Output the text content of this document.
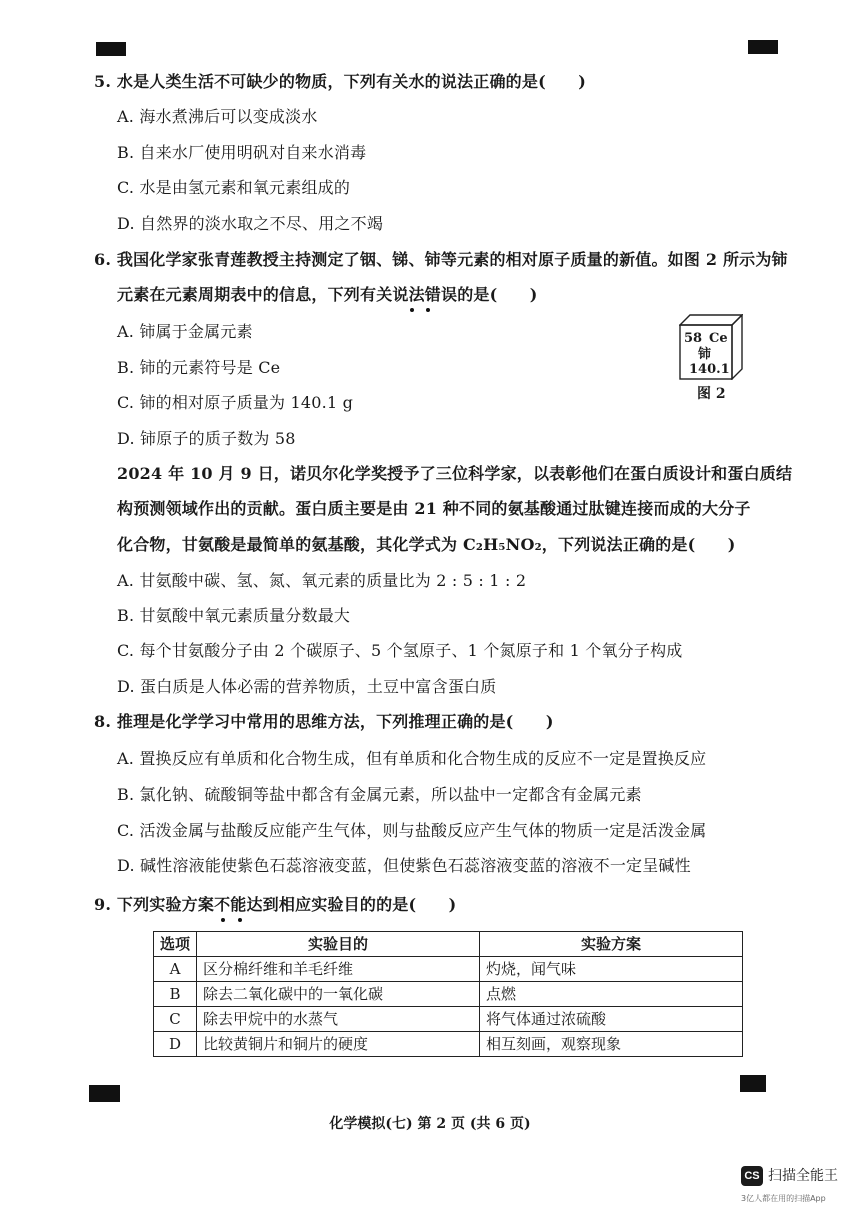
5. 水是人类生活不可缺少的物质，下列有关水的说法正确的是(　　)
A. 海水煮沸后可以变成淡水
B. 自来水厂使用明矾对自来水消毒
C. 水是由氢元素和氧元素组成的
D. 自然界的淡水取之不尽、用之不竭
6. 我国化学家张青莲教授主持测定了铟、锑、铈等元素的相对原子质量的新值。如图 2 所示为铈
元素在元素周期表中的信息，下列有关说法错误的是(　　)
A. 铈属于金属元素
B. 铈的元素符号是 Ce
C. 铈的相对原子质量为 140.1 g
D. 铈原子的质子数为 58
58 Ce
铈
140.1
图 2
2024 年 10 月 9 日，诺贝尔化学奖授予了三位科学家，以表彰他们在蛋白质设计和蛋白质结
构预测领域作出的贡献。蛋白质主要是由 21 种不同的氨基酸通过肽键连接而成的大分子
化合物，甘氨酸是最简单的氨基酸，其化学式为 C₂H₅NO₂，下列说法正确的是(　　)
A. 甘氨酸中碳、氢、氮、氧元素的质量比为 2 : 5 : 1 : 2
B. 甘氨酸中氧元素质量分数最大
C. 每个甘氨酸分子由 2 个碳原子、5 个氢原子、1 个氮原子和 1 个氧分子构成
D. 蛋白质是人体必需的营养物质，土豆中富含蛋白质
8. 推理是化学学习中常用的思维方法，下列推理正确的是(　　)
A. 置换反应有单质和化合物生成，但有单质和化合物生成的反应不一定是置换反应
B. 氯化钠、硫酸铜等盐中都含有金属元素，所以盐中一定都含有金属元素
C. 活泼金属与盐酸反应能产生气体，则与盐酸反应产生气体的物质一定是活泼金属
D. 碱性溶液能使紫色石蕊溶液变蓝，但使紫色石蕊溶液变蓝的溶液不一定呈碱性
9. 下列实验方案不能达到相应实验目的的是(　　)
选项	实验目的	实验方案
A	区分棉纤维和羊毛纤维	灼烧，闻气味
B	除去二氧化碳中的一氧化碳	点燃
C	除去甲烷中的水蒸气	将气体通过浓硫酸
D	比较黄铜片和铜片的硬度	相互刻画，观察现象
化学模拟(七) 第 2 页 (共 6 页)
CS 扫描全能王
3亿人都在用的扫描App
